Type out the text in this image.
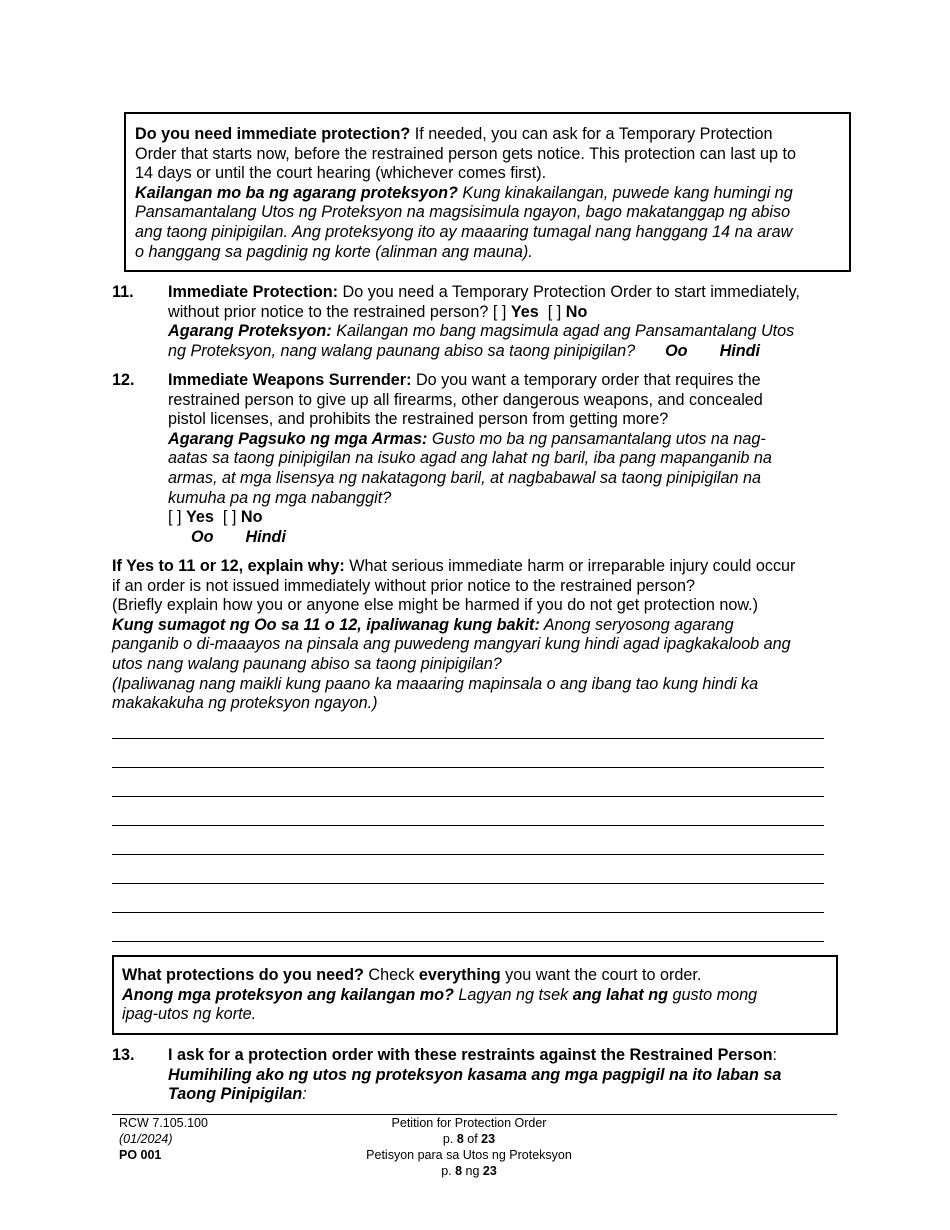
Do you need immediate protection? If needed, you can ask for a Temporary Protection
Order that starts now, before the restrained person gets notice. This protection can last up to
14 days or until the court hearing (whichever comes first).
Kailangan mo ba ng agarang proteksyon? Kung kinakailangan, puwede kang humingi ng
Pansamantalang Utos ng Proteksyon na magsisimula ngayon, bago makatanggap ng abiso
ang taong pinipigilan. Ang proteksyong ito ay maaaring tumagal nang hanggang 14 na araw
o hanggang sa pagdinig ng korte (alinman ang mauna).
11. Immediate Protection: Do you need a Temporary Protection Order to start immediately,
without prior notice to the restrained person? [ ] Yes [ ] No
Agarang Proteksyon: Kailangan mo bang magsimula agad ang Pansamantalang Utos
ng Proteksyon, nang walang paunang abiso sa taong pinipigilan? Oo Hindi
12. Immediate Weapons Surrender: Do you want a temporary order that requires the
restrained person to give up all firearms, other dangerous weapons, and concealed
pistol licenses, and prohibits the restrained person from getting more?
Agarang Pagsuko ng mga Armas: Gusto mo ba ng pansamantalang utos na nag-
aatas sa taong pinipigilan na isuko agad ang lahat ng baril, iba pang mapanganib na
armas, at mga lisensya ng nakatagong baril, at nagbabawal sa taong pinipigilan na
kumuha pa ng mga nabanggit?
[ ] Yes [ ] No
Oo Hindi
If Yes to 11 or 12, explain why: What serious immediate harm or irreparable injury could occur
if an order is not issued immediately without prior notice to the restrained person?
(Briefly explain how you or anyone else might be harmed if you do not get protection now.)
Kung sumagot ng Oo sa 11 o 12, ipaliwanag kung bakit: Anong seryosong agarang
panganib o di-maaayos na pinsala ang puwedeng mangyari kung hindi agad ipagkakaloob ang
utos nang walang paunang abiso sa taong pinipigilan?
(Ipaliwanag nang maikli kung paano ka maaaring mapinsala o ang ibang tao kung hindi ka
makakakuha ng proteksyon ngayon.)
What protections do you need? Check everything you want the court to order.
Anong mga proteksyon ang kailangan mo? Lagyan ng tsek ang lahat ng gusto mong
ipag-utos ng korte.
13. I ask for a protection order with these restraints against the Restrained Person:
Humihiling ako ng utos ng proteksyon kasama ang mga pagpigil na ito laban sa
Taong Pinipigilan:
RCW 7.105.100
(01/2024)
PO 001
Petition for Protection Order
p. 8 of 23
Petisyon para sa Utos ng Proteksyon
p. 8 ng 23
